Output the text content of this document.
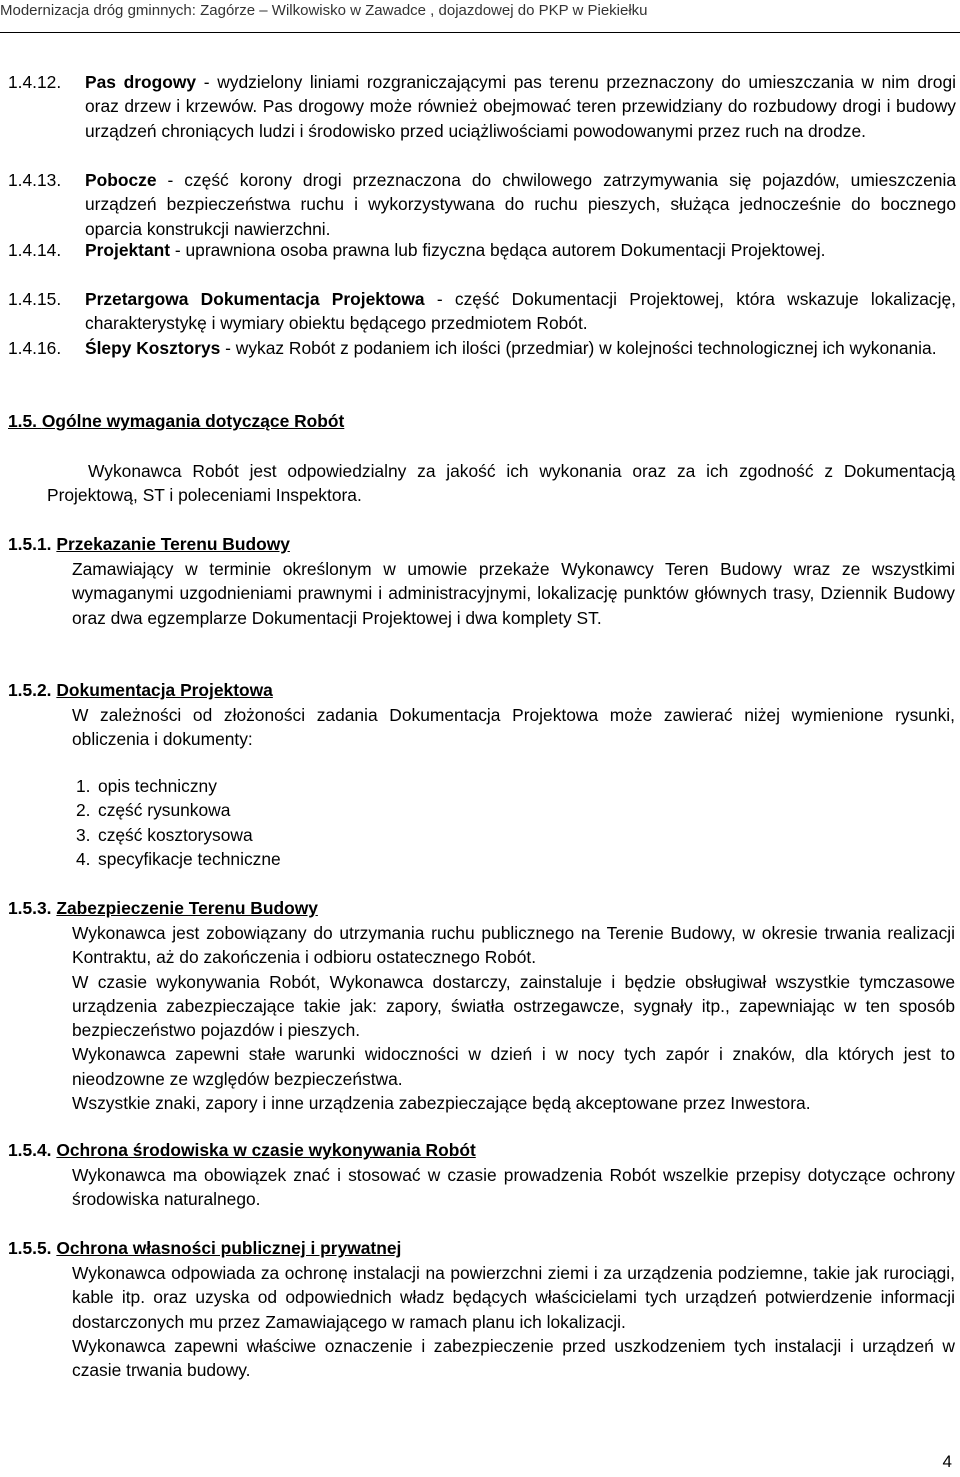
Modernizacja dróg gminnych: Zagórze – Wilkowisko w Zawadce , dojazdowej do PKP w Piekiełku
1.4.12. Pas drogowy - wydzielony liniami rozgraniczającymi pas terenu przeznaczony do umieszczania w nim drogi oraz drzew i krzewów. Pas drogowy może również obejmować teren przewidziany do rozbudowy drogi i budowy urządzeń chroniących ludzi i środowisko przed uciążliwościami powodowanymi przez ruch na drodze.
1.4.13. Pobocze - część korony drogi przeznaczona do chwilowego zatrzymywania się pojazdów, umieszczenia urządzeń bezpieczeństwa ruchu i wykorzystywana do ruchu pieszych, służąca jednocześnie do bocznego oparcia konstrukcji nawierzchni.
1.4.14. Projektant - uprawniona osoba prawna lub fizyczna będąca autorem Dokumentacji Projektowej.
1.4.15. Przetargowa Dokumentacja Projektowa - część Dokumentacji Projektowej, która wskazuje lokalizację, charakterystykę i wymiary obiektu będącego przedmiotem Robót.
1.4.16. Ślepy Kosztorys - wykaz Robót z podaniem ich ilości (przedmiar) w kolejności technologicznej ich wykonania.
1.5. Ogólne wymagania dotyczące Robót
Wykonawca Robót jest odpowiedzialny za jakość ich wykonania oraz za ich zgodność z Dokumentacją Projektową, ST i poleceniami Inspektora.
1.5.1. Przekazanie Terenu Budowy
Zamawiający w terminie określonym w umowie przekaże Wykonawcy Teren Budowy wraz ze wszystkimi wymaganymi uzgodnieniami prawnymi i administracyjnymi, lokalizację punktów głównych trasy, Dziennik Budowy oraz dwa egzemplarze Dokumentacji Projektowej i dwa komplety ST.
1.5.2. Dokumentacja Projektowa
W zależności od złożoności zadania Dokumentacja Projektowa może zawierać niżej wymienione rysunki, obliczenia i dokumenty:
1. opis techniczny
2. część rysunkowa
3. część kosztorysowa
4. specyfikacje techniczne
1.5.3. Zabezpieczenie Terenu Budowy
Wykonawca jest zobowiązany do utrzymania ruchu publicznego na Terenie Budowy, w okresie trwania realizacji Kontraktu, aż do zakończenia i odbioru ostatecznego Robót.
W czasie wykonywania Robót, Wykonawca dostarczy, zainstaluje i będzie obsługiwał wszystkie tymczasowe urządzenia zabezpieczające takie jak: zapory, światła ostrzegawcze, sygnały itp., zapewniając w ten sposób bezpieczeństwo pojazdów i pieszych.
Wykonawca zapewni stałe warunki widoczności w dzień i w nocy tych zapór i znaków, dla których jest to nieodzowne ze względów bezpieczeństwa.
Wszystkie znaki, zapory i inne urządzenia zabezpieczające będą akceptowane przez Inwestora.
1.5.4. Ochrona środowiska w czasie wykonywania Robót
Wykonawca ma obowiązek znać i stosować w czasie prowadzenia Robót wszelkie przepisy dotyczące ochrony środowiska naturalnego.
1.5.5. Ochrona własności publicznej i prywatnej
Wykonawca odpowiada za ochronę instalacji na powierzchni ziemi i za urządzenia podziemne, takie jak rurociągi, kable itp. oraz uzyska od odpowiednich władz będących właścicielami tych urządzeń potwierdzenie informacji dostarczonych mu przez Zamawiającego w ramach planu ich lokalizacji.
Wykonawca zapewni właściwe oznaczenie i zabezpieczenie przed uszkodzeniem tych instalacji i urządzeń w czasie trwania budowy.
4
